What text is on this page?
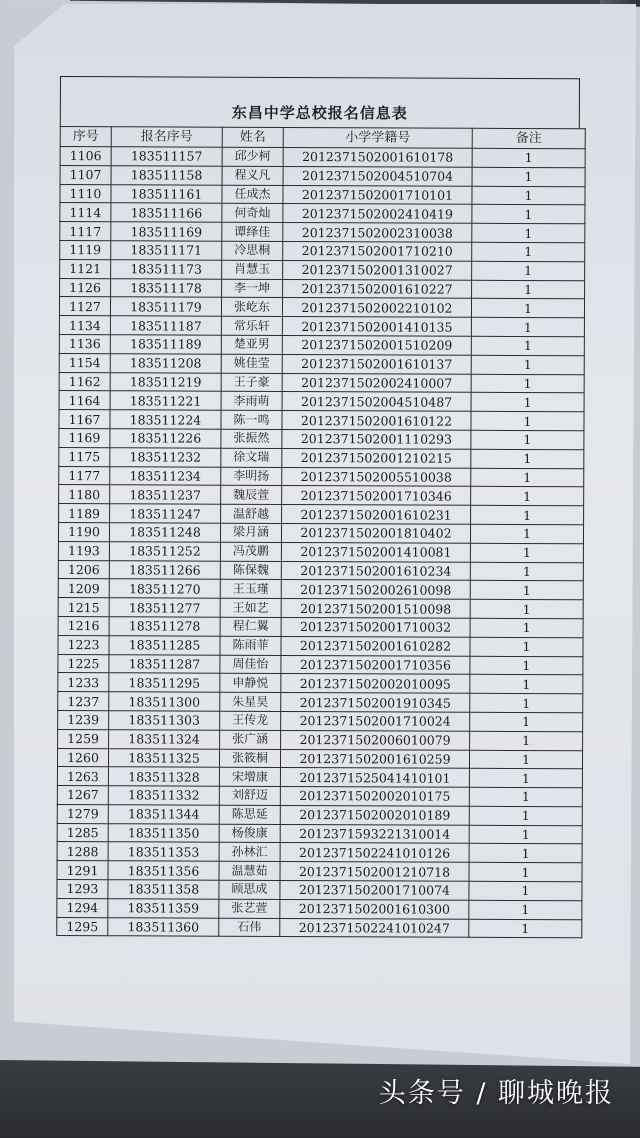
东昌中学总校报名信息表
序号	报名序号	姓名	小学学籍号	备注
1106	183511157	邱少柯	2012371502001610178	1
1107	183511158	程义凡	2012371502004510704	1
1110	183511161	任成杰	2012371502001710101	1
1114	183511166	何奇灿	2012371502002410419	1
1117	183511169	谭绎佳	2012371502002310038	1
1119	183511171	冷思桐	2012371502001710210	1
1121	183511173	肖慧玉	2012371502001310027	1
1126	183511178	李一坤	2012371502001610227	1
1127	183511179	张屹东	2012371502002210102	1
1134	183511187	常乐轩	2012371502001410135	1
1136	183511189	楚亚男	2012371502001510209	1
1154	183511208	姚佳莹	2012371502001610137	1
1162	183511219	王子豪	2012371502002410007	1
1164	183511221	李雨萌	2012371502004510487	1
1167	183511224	陈一鸣	2012371502001610122	1
1169	183511226	张振然	2012371502001110293	1
1175	183511232	徐文瑞	2012371502001210215	1
1177	183511234	李明扬	2012371502005510038	1
1180	183511237	魏辰萱	2012371502001710346	1
1189	183511247	温舒越	2012371502001610231	1
1190	183511248	梁月涵	2012371502001810402	1
1193	183511252	冯茂鹏	2012371502001410081	1
1206	183511266	陈保魏	2012371502001610234	1
1209	183511270	王玉瑾	2012371502002610098	1
1215	183511277	王如艺	2012371502001510098	1
1216	183511278	程仁翼	2012371502001710032	1
1223	183511285	陈雨菲	2012371502001610282	1
1225	183511287	周佳怡	2012371502001710356	1
1233	183511295	申静悦	2012371502002010095	1
1237	183511300	朱星昊	2012371502001910345	1
1239	183511303	王传龙	2012371502001710024	1
1259	183511324	张广涵	2012371502006010079	1
1260	183511325	张筱桐	2012371502001610259	1
1263	183511328	宋增康	2012371525041410101	1
1267	183511332	刘舒迈	2012371502002010175	1
1279	183511344	陈思延	2012371502002010189	1
1285	183511350	杨俊康	2012371593221310014	1
1288	183511353	孙林汇	2012371502241010126	1
1291	183511356	温慧茹	2012371502001210718	1
1293	183511358	顾思成	2012371502001710074	1
1294	183511359	张艺萱	2012371502001610300	1
1295	183511360	石伟	2012371502241010247	1
头条号 / 聊城晚报
